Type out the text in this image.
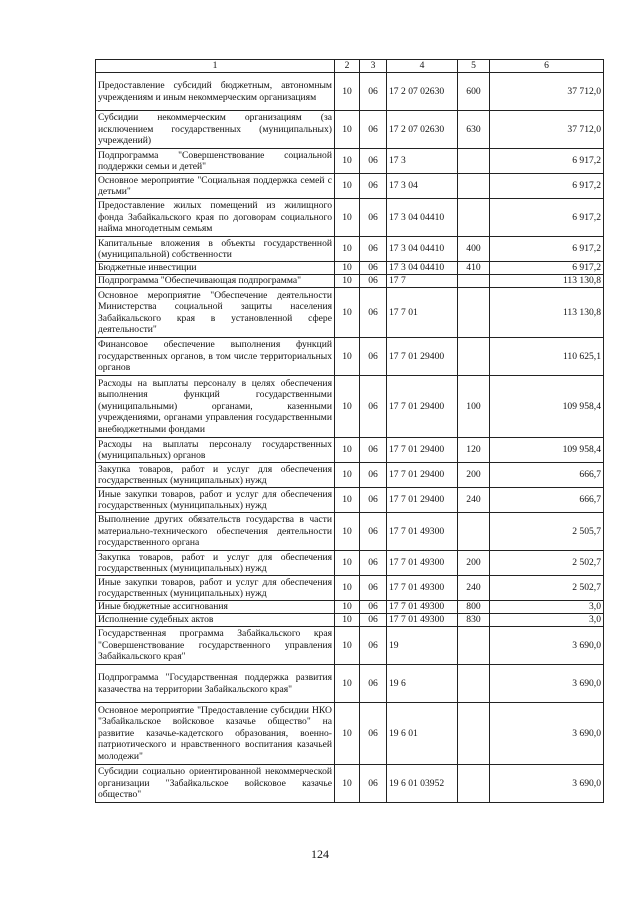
1	2	3	4	5	6
Предоставление субсидий бюджетным, автономным учреждениям и иным некоммерческим организациям	10	06	17 2 07 02630	600	37 712,0
Субсидии некоммерческим организациям (за исключением государственных (муниципальных) учреждений)	10	06	17 2 07 02630	630	37 712,0
Подпрограмма "Совершенствование социальной поддержки семьи и детей"	10	06	17 3		6 917,2
Основное мероприятие "Социальная поддержка семей с детьми"	10	06	17 3 04		6 917,2
Предоставление жилых помещений из жилищного фонда Забайкальского края по договорам социального найма многодетным семьям	10	06	17 3 04 04410		6 917,2
Капитальные вложения в объекты государственной (муниципальной) собственности	10	06	17 3 04 04410	400	6 917,2
Бюджетные инвестиции	10	06	17 3 04 04410	410	6 917,2
Подпрограмма "Обеспечивающая подпрограмма"	10	06	17 7		113 130,8
Основное мероприятие "Обеспечение деятельности Министерства социальной защиты населения Забайкальского края в установленной сфере деятельности"	10	06	17 7 01		113 130,8
Финансовое обеспечение выполнения функций государственных органов, в том числе территориальных органов	10	06	17 7 01 29400		110 625,1
Расходы на выплаты персоналу в целях обеспечения выполнения функций государственными (муниципальными) органами, казенными учреждениями, органами управления государственными внебюджетными фондами	10	06	17 7 01 29400	100	109 958,4
Расходы на выплаты персоналу государственных (муниципальных) органов	10	06	17 7 01 29400	120	109 958,4
Закупка товаров, работ и услуг для обеспечения государственных (муниципальных) нужд	10	06	17 7 01 29400	200	666,7
Иные закупки товаров, работ и услуг для обеспечения государственных (муниципальных) нужд	10	06	17 7 01 29400	240	666,7
Выполнение других обязательств государства в части материально-технического обеспечения деятельности государственного органа	10	06	17 7 01 49300		2 505,7
Закупка товаров, работ и услуг для обеспечения государственных (муниципальных) нужд	10	06	17 7 01 49300	200	2 502,7
Иные закупки товаров, работ и услуг для обеспечения государственных (муниципальных) нужд	10	06	17 7 01 49300	240	2 502,7
Иные бюджетные ассигнования	10	06	17 7 01 49300	800	3,0
Исполнение судебных актов	10	06	17 7 01 49300	830	3,0
Государственная программа Забайкальского края "Совершенствование государственного управления Забайкальского края"	10	06	19		3 690,0
Подпрограмма "Государственная поддержка развития казачества на территории Забайкальского края"	10	06	19 6		3 690,0
Основное мероприятие "Предоставление субсидии НКО "Забайкальское войсковое казачье общество" на развитие казачье-кадетского образования, военно-патриотического и нравственного воспитания казачьей молодежи"	10	06	19 6 01		3 690,0
Субсидии социально ориентированной некоммерческой организации "Забайкальское войсковое казачье общество"	10	06	19 6 01 03952		3 690,0
124
